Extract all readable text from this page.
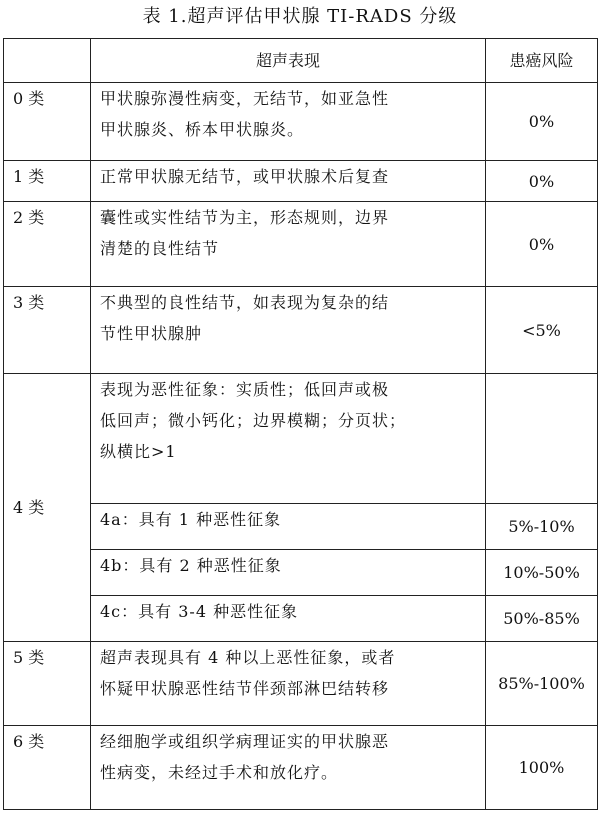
表 1.超声评估甲状腺 TI-RADS 分级
	超声表现	患癌风险
0 类	甲状腺弥漫性病变，无结节，如亚急性
甲状腺炎、桥本甲状腺炎。	0%
1 类	正常甲状腺无结节，或甲状腺术后复查	0%
2 类	囊性或实性结节为主，形态规则，边界
清楚的良性结节	0%
3 类	不典型的良性结节，如表现为复杂的结
节性甲状腺肿	<5%
4 类	表现为恶性征象：实质性；低回声或极
低回声；微小钙化；边界模糊；分页状；
纵横比>1	

	4a：具有 1 种恶性征象	5%-10%
	4b：具有 2 种恶性征象	10%-50%
	4c：具有 3-4 种恶性征象	50%-85%
5 类	超声表现具有 4 种以上恶性征象，或者
怀疑甲状腺恶性结节伴颈部淋巴结转移	85%-100%
6 类	经细胞学或组织学病理证实的甲状腺恶
性病变，未经过手术和放化疗。	100%
